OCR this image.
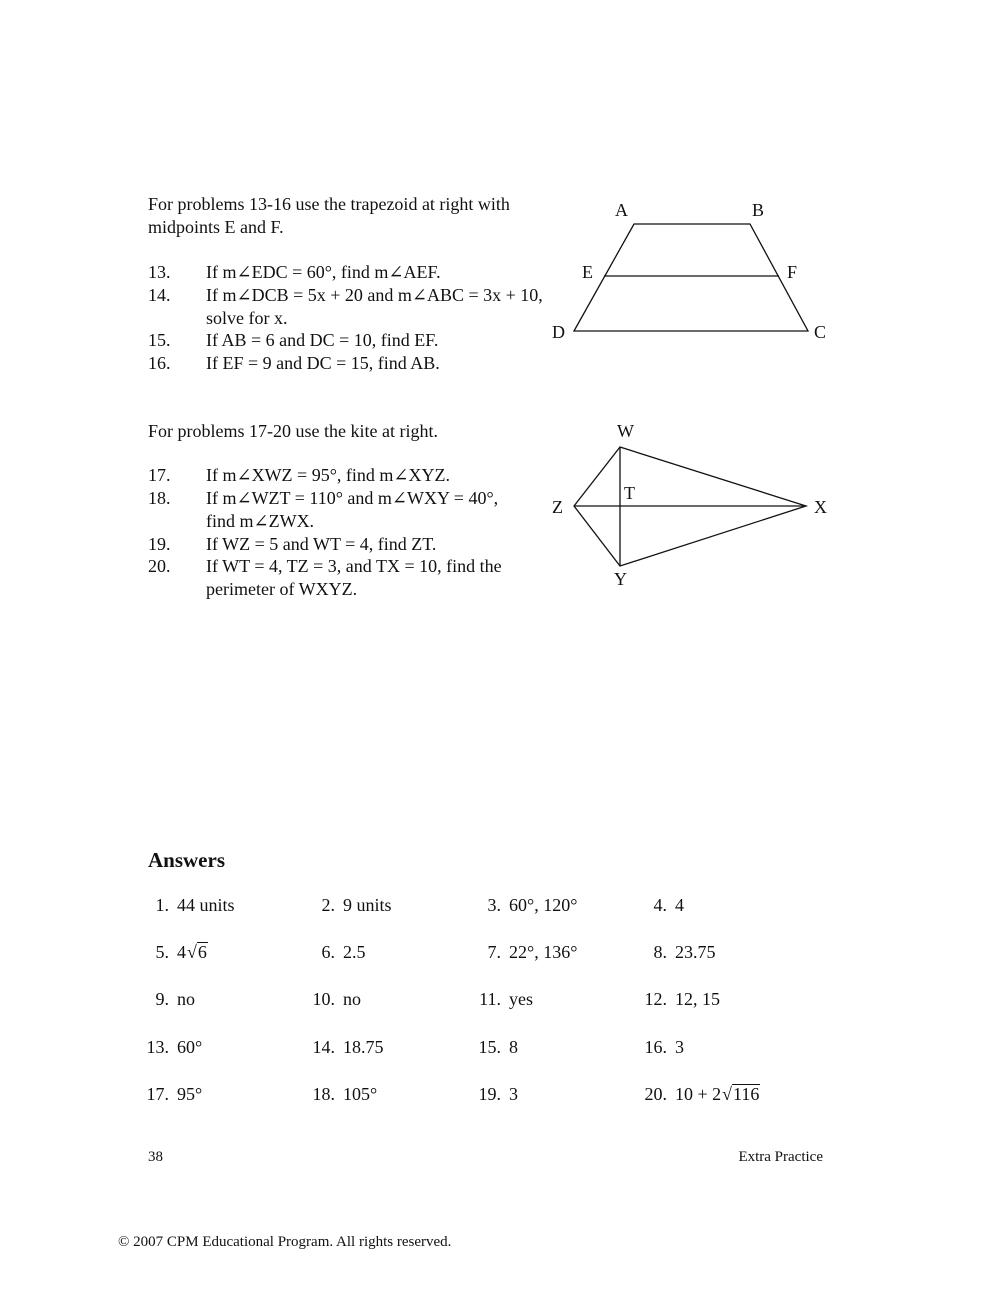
For problems 13-16 use the trapezoid at right with
midpoints E and F.
13. If m∠EDC = 60°, find m∠AEF.
14. If m∠DCB = 5x + 20 and m∠ABC = 3x + 10,
solve for x.
15. If AB = 6 and DC = 10, find EF.
16. If EF = 9 and DC = 15, find AB.
A	B
E	F
D	C
For problems 17-20 use the kite at right.
17. If m∠XWZ = 95°, find m∠XYZ.
18. If m∠WZT = 110° and m∠WXY = 40°,
find m∠ZWX.
19. If WZ = 5 and WT = 4, find ZT.
20. If WT = 4, TZ = 3, and TX = 10, find the
perimeter of WXYZ.
W
Z	X
T
Y
Answers
1. 44 units	2. 9 units	3. 60°, 120°	4. 4
5. 4√6	6. 2.5	7. 22°, 136°	8. 23.75
9. no	10. no	11. yes	12. 12, 15
13. 60°	14. 18.75	15. 8	16. 3
17. 95°	18. 105°	19. 3	20. 10 + 2√116
38	Extra Practice
© 2007 CPM Educational Program. All rights reserved.
